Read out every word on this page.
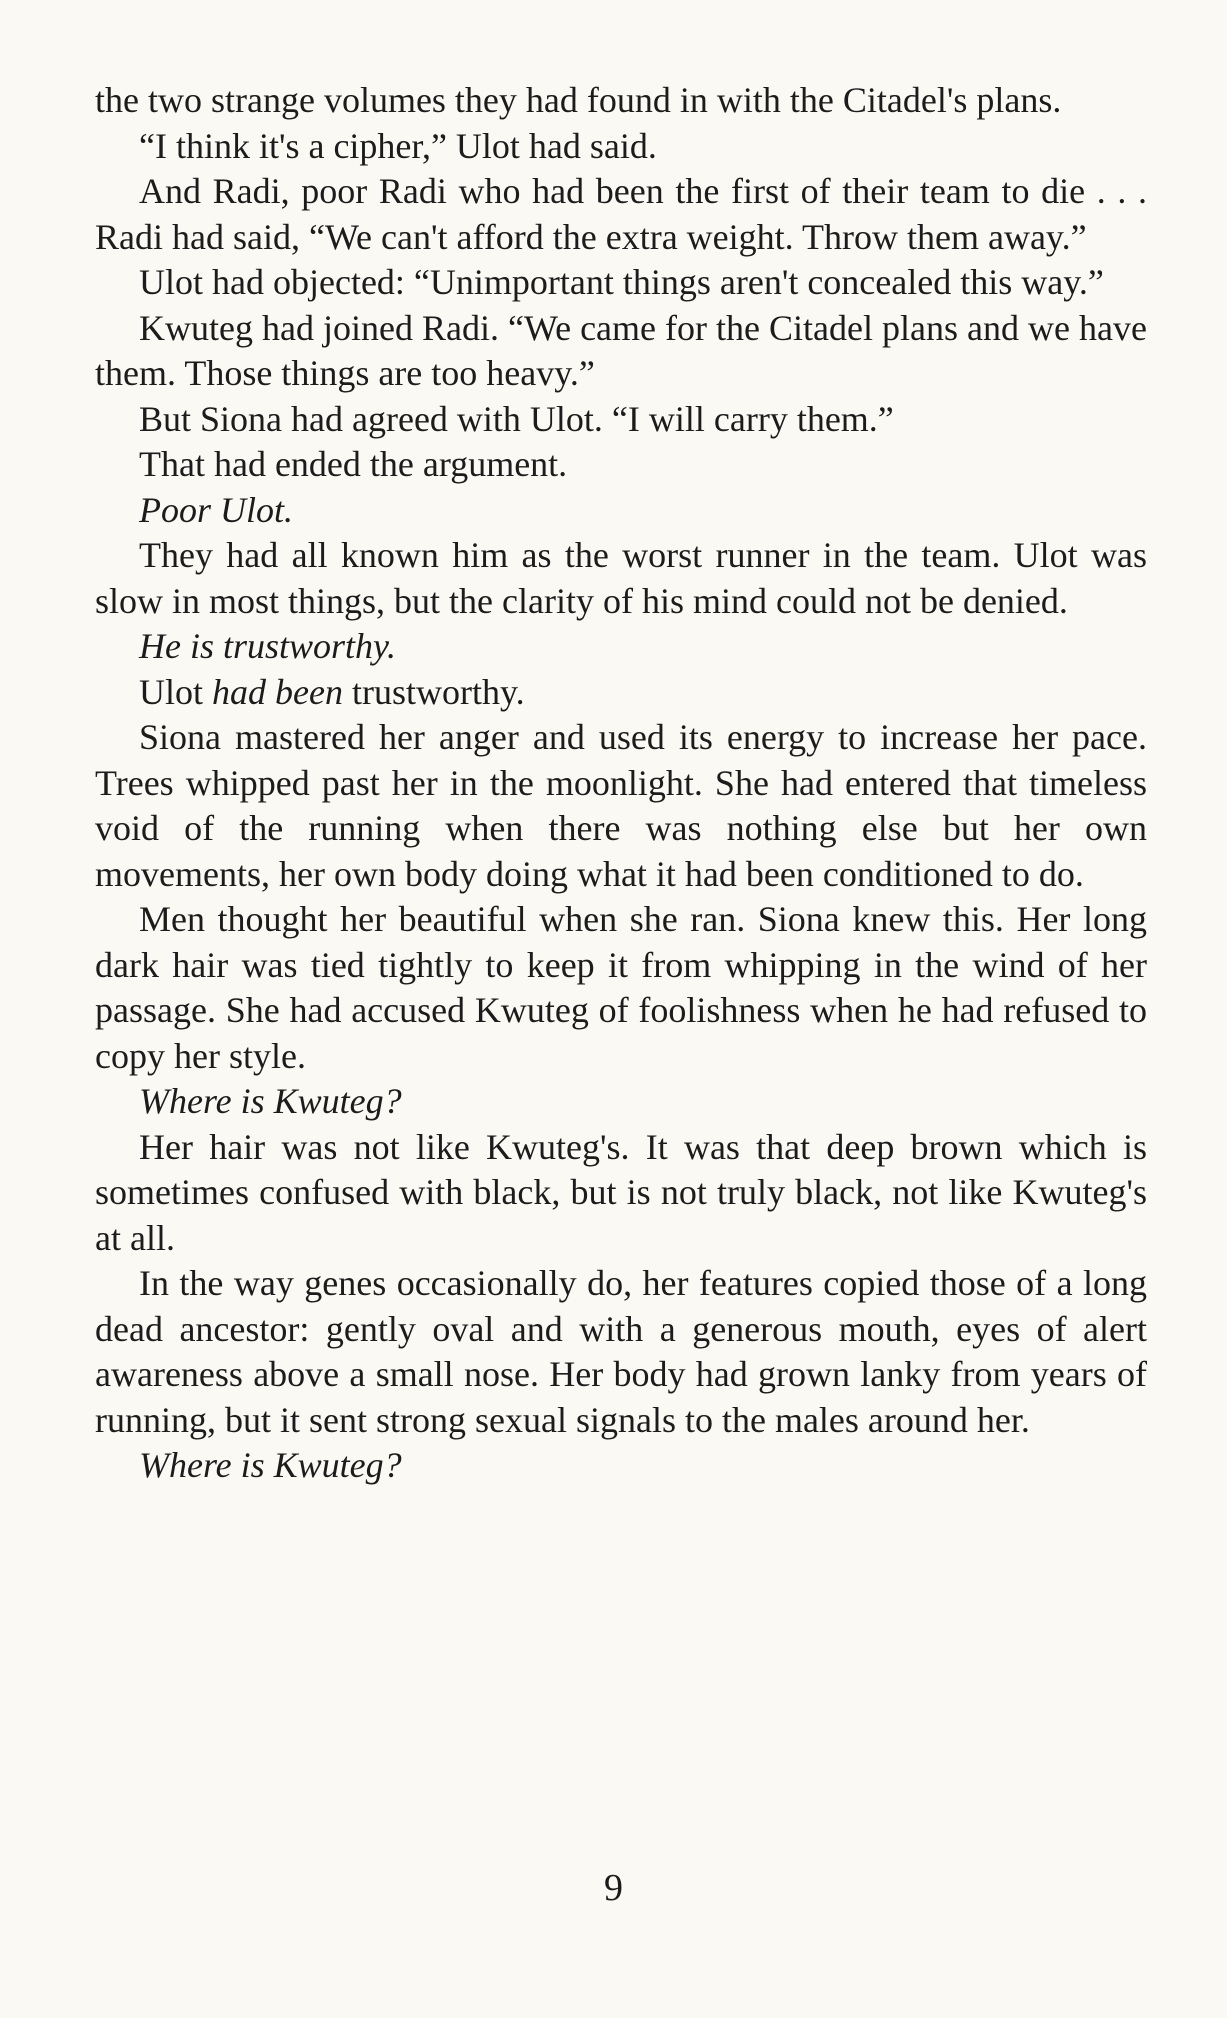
the two strange volumes they had found in with the Citadel's plans.

“I think it's a cipher,” Ulot had said.

And Radi, poor Radi who had been the first of their team to die . . . Radi had said, “We can't afford the extra weight. Throw them away.”

Ulot had objected: “Unimportant things aren't concealed this way.”

Kwuteg had joined Radi. “We came for the Citadel plans and we have them. Those things are too heavy.”

But Siona had agreed with Ulot. “I will carry them.”

That had ended the argument.

Poor Ulot.

They had all known him as the worst runner in the team. Ulot was slow in most things, but the clarity of his mind could not be denied.

He is trustworthy.

Ulot had been trustworthy.

Siona mastered her anger and used its energy to increase her pace. Trees whipped past her in the moonlight. She had entered that timeless void of the running when there was nothing else but her own movements, her own body doing what it had been conditioned to do.

Men thought her beautiful when she ran. Siona knew this. Her long dark hair was tied tightly to keep it from whipping in the wind of her passage. She had accused Kwuteg of foolishness when he had refused to copy her style.

Where is Kwuteg?

Her hair was not like Kwuteg's. It was that deep brown which is sometimes confused with black, but is not truly black, not like Kwuteg's at all.

In the way genes occasionally do, her features copied those of a long dead ancestor: gently oval and with a generous mouth, eyes of alert awareness above a small nose. Her body had grown lanky from years of running, but it sent strong sexual signals to the males around her.

Where is Kwuteg?

9
